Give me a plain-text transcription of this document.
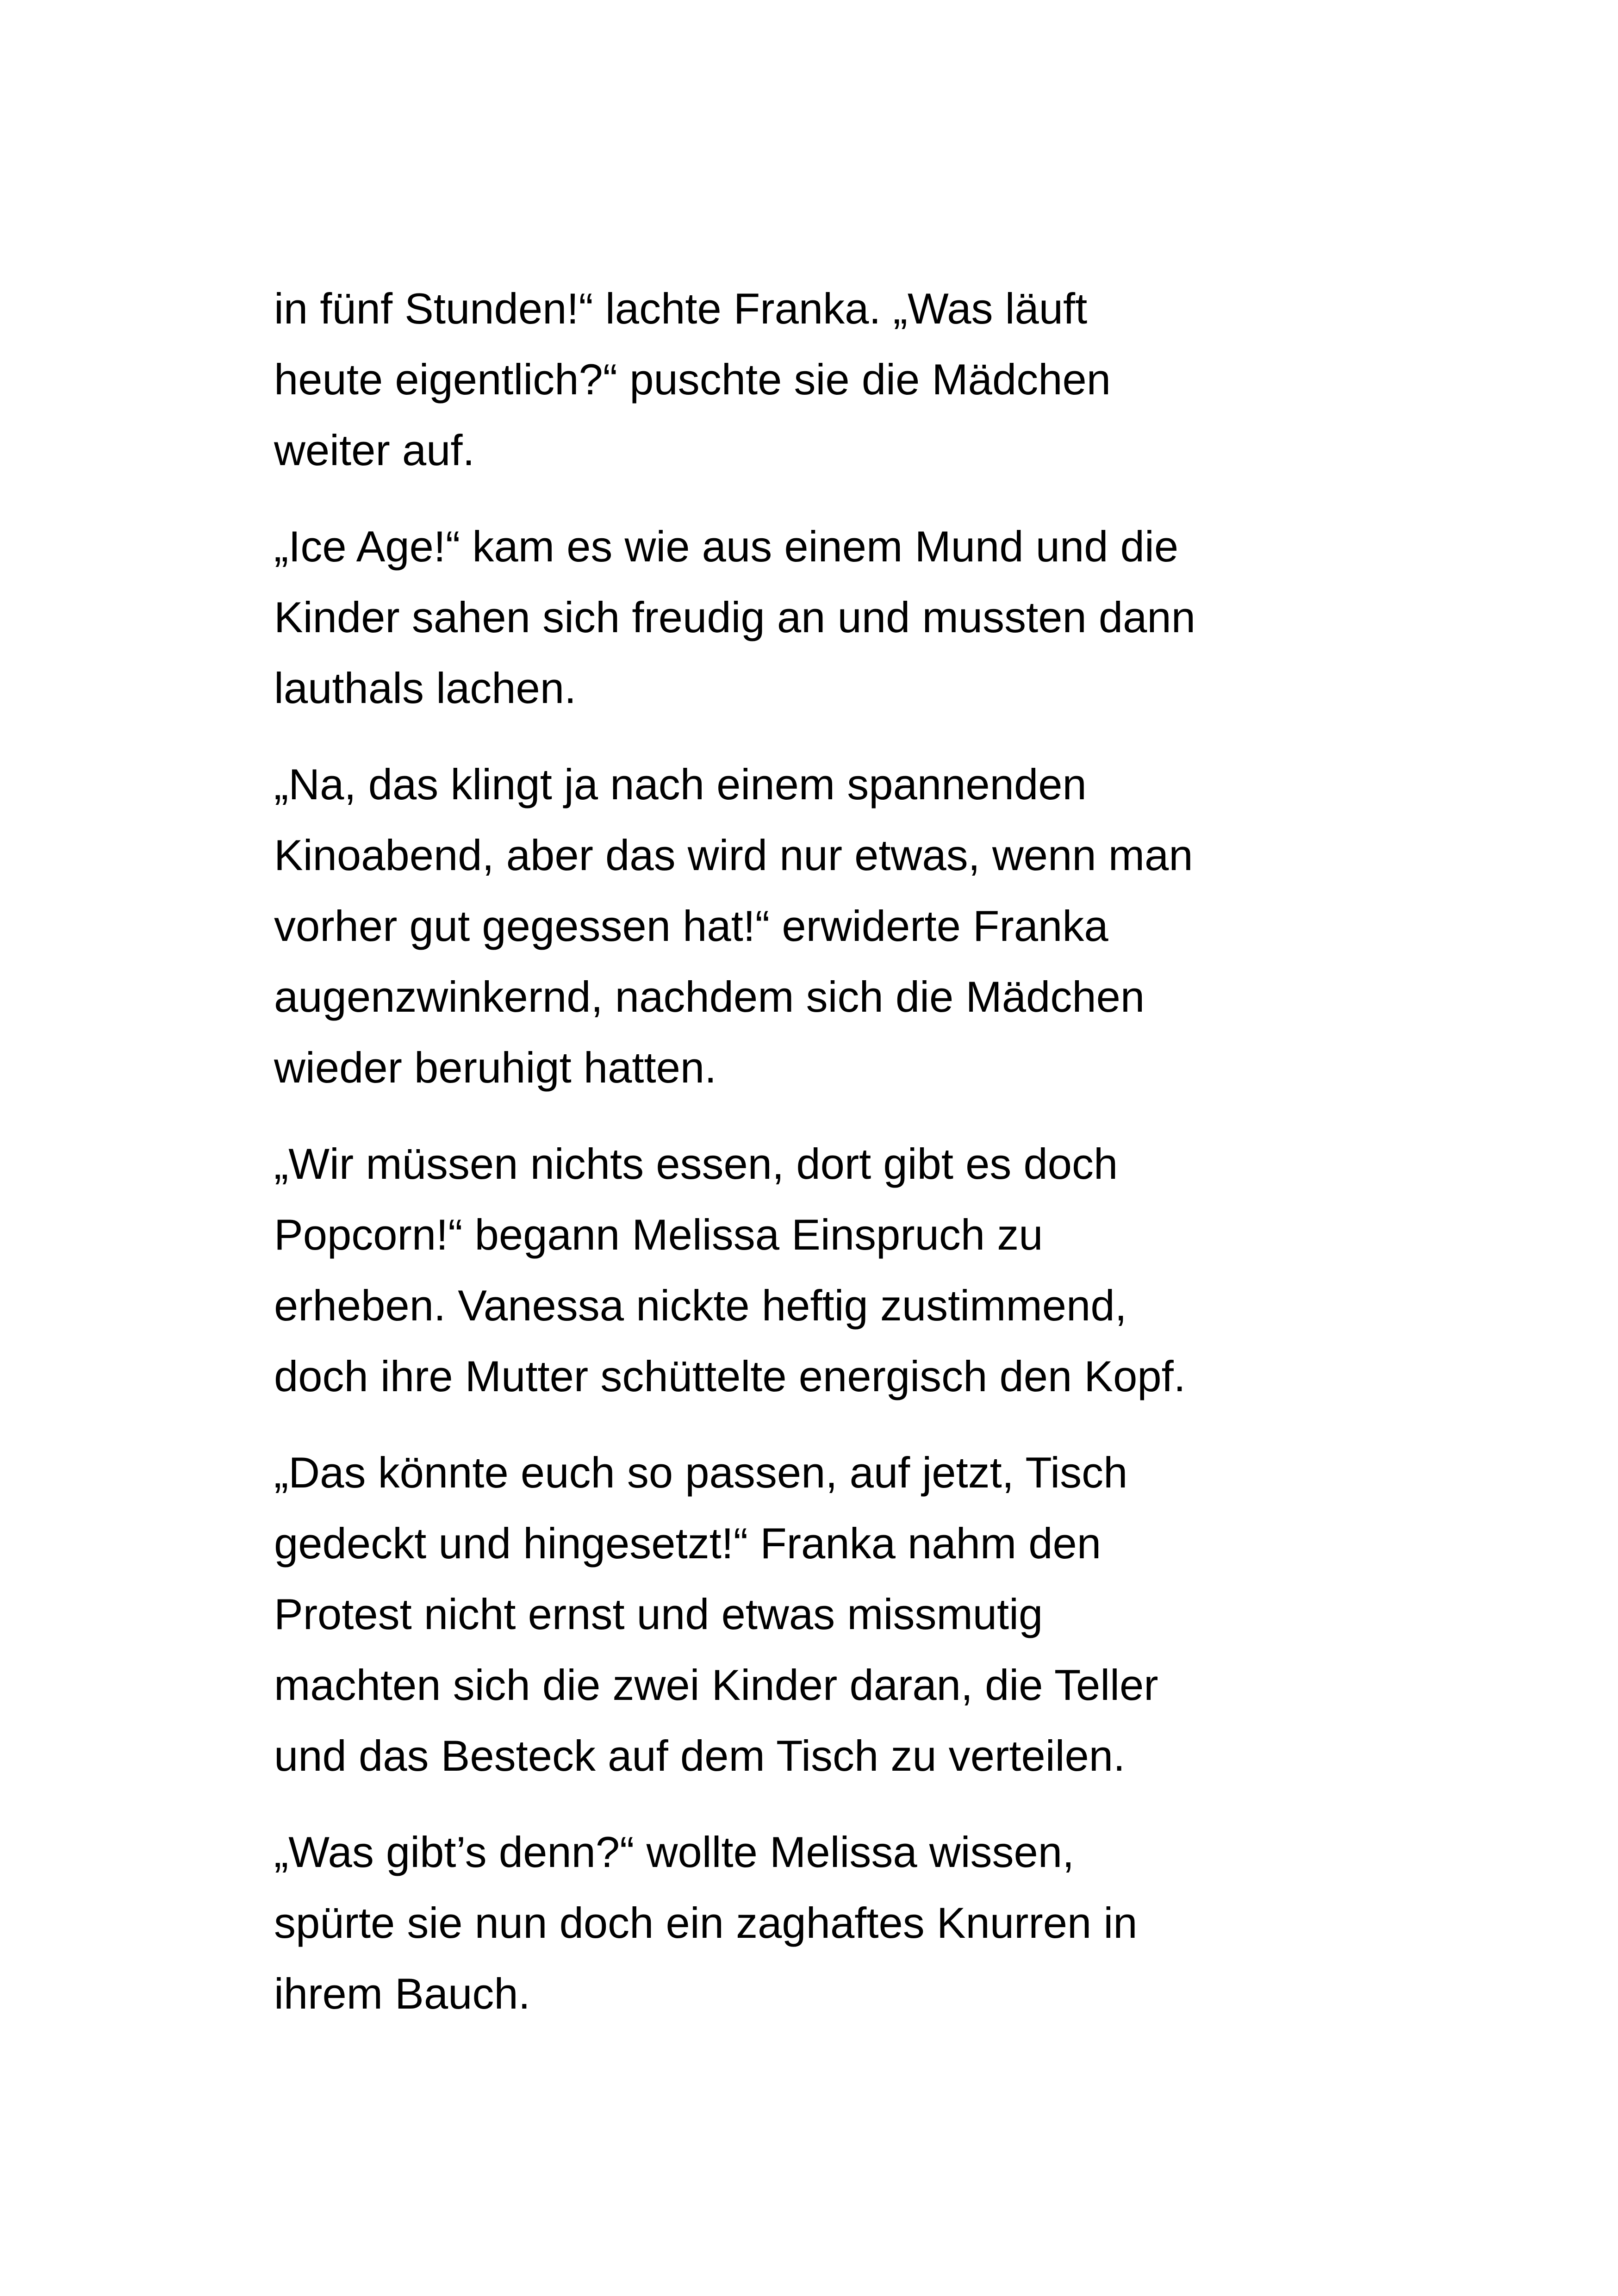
in fünf Stunden!“ lachte Franka. „Was läuft
heute eigentlich?“ puschte sie die Mädchen
weiter auf.

„Ice Age!“ kam es wie aus einem Mund und die
Kinder sahen sich freudig an und mussten dann
lauthals lachen.

„Na, das klingt ja nach einem spannenden
Kinoabend, aber das wird nur etwas, wenn man
vorher gut gegessen hat!“ erwiderte Franka
augenzwinkernd, nachdem sich die Mädchen
wieder beruhigt hatten.

„Wir müssen nichts essen, dort gibt es doch
Popcorn!“ begann Melissa Einspruch zu
erheben. Vanessa nickte heftig zustimmend,
doch ihre Mutter schüttelte energisch den Kopf.

„Das könnte euch so passen, auf jetzt, Tisch
gedeckt und hingesetzt!“ Franka nahm den
Protest nicht ernst und etwas missmutig
machten sich die zwei Kinder daran, die Teller
und das Besteck auf dem Tisch zu verteilen.

„Was gibt’s denn?“ wollte Melissa wissen,
spürte sie nun doch ein zaghaftes Knurren in
ihrem Bauch.
